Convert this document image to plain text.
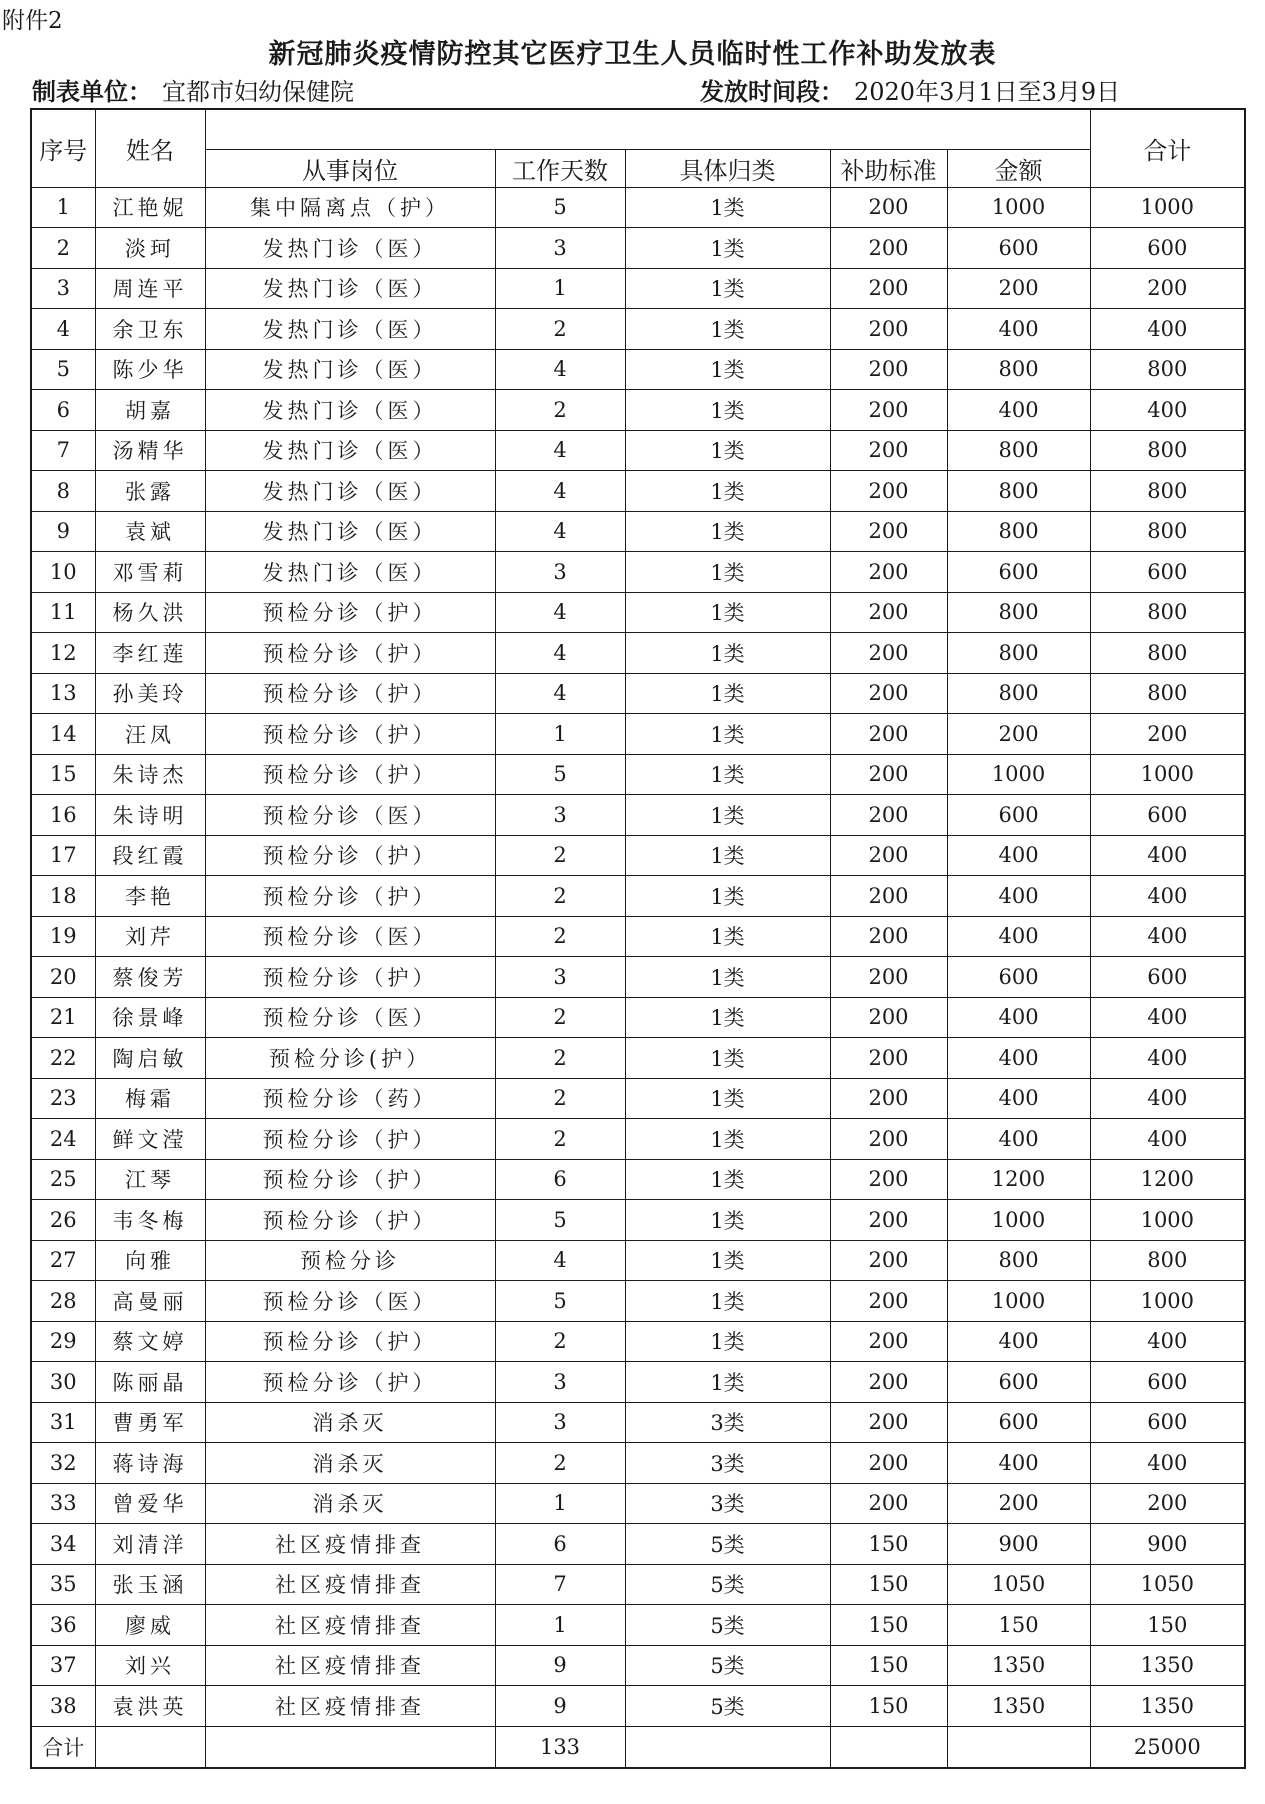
附件2
新冠肺炎疫情防控其它医疗卫生人员临时性工作补助发放表
制表单位： 宜都市妇幼保健院	发放时间段： 2020年3月1日至3月9日
序号	姓名						合计
		从事岗位	工作天数	具体归类	补助标准	金额	
1	江艳妮	集中隔离点（护）	5	1类	200	1000	1000
2	淡珂	发热门诊（医）	3	1类	200	600	600
3	周连平	发热门诊（医）	1	1类	200	200	200
4	余卫东	发热门诊（医）	2	1类	200	400	400
5	陈少华	发热门诊（医）	4	1类	200	800	800
6	胡嘉	发热门诊（医）	2	1类	200	400	400
7	汤精华	发热门诊（医）	4	1类	200	800	800
8	张露	发热门诊（医）	4	1类	200	800	800
9	袁斌	发热门诊（医）	4	1类	200	800	800
10	邓雪莉	发热门诊（医）	3	1类	200	600	600
11	杨久洪	预检分诊（护）	4	1类	200	800	800
12	李红莲	预检分诊（护）	4	1类	200	800	800
13	孙美玲	预检分诊（护）	4	1类	200	800	800
14	汪凤	预检分诊（护）	1	1类	200	200	200
15	朱诗杰	预检分诊（护）	5	1类	200	1000	1000
16	朱诗明	预检分诊（医）	3	1类	200	600	600
17	段红霞	预检分诊（护）	2	1类	200	400	400
18	李艳	预检分诊（护）	2	1类	200	400	400
19	刘芹	预检分诊（医）	2	1类	200	400	400
20	蔡俊芳	预检分诊（护）	3	1类	200	600	600
21	徐景峰	预检分诊（医）	2	1类	200	400	400
22	陶启敏	预检分诊(护）	2	1类	200	400	400
23	梅霜	预检分诊（药）	2	1类	200	400	400
24	鲜文滢	预检分诊（护）	2	1类	200	400	400
25	江琴	预检分诊（护）	6	1类	200	1200	1200
26	韦冬梅	预检分诊（护）	5	1类	200	1000	1000
27	向雅	预检分诊	4	1类	200	800	800
28	高曼丽	预检分诊（医）	5	1类	200	1000	1000
29	蔡文婷	预检分诊（护）	2	1类	200	400	400
30	陈丽晶	预检分诊（护）	3	1类	200	600	600
31	曹勇军	消杀灭	3	3类	200	600	600
32	蒋诗海	消杀灭	2	3类	200	400	400
33	曾爱华	消杀灭	1	3类	200	200	200
34	刘清洋	社区疫情排查	6	5类	150	900	900
35	张玉涵	社区疫情排查	7	5类	150	1050	1050
36	廖威	社区疫情排查	1	5类	150	150	150
37	刘兴	社区疫情排查	9	5类	150	1350	1350
38	袁洪英	社区疫情排查	9	5类	150	1350	1350
合计			133				25000
